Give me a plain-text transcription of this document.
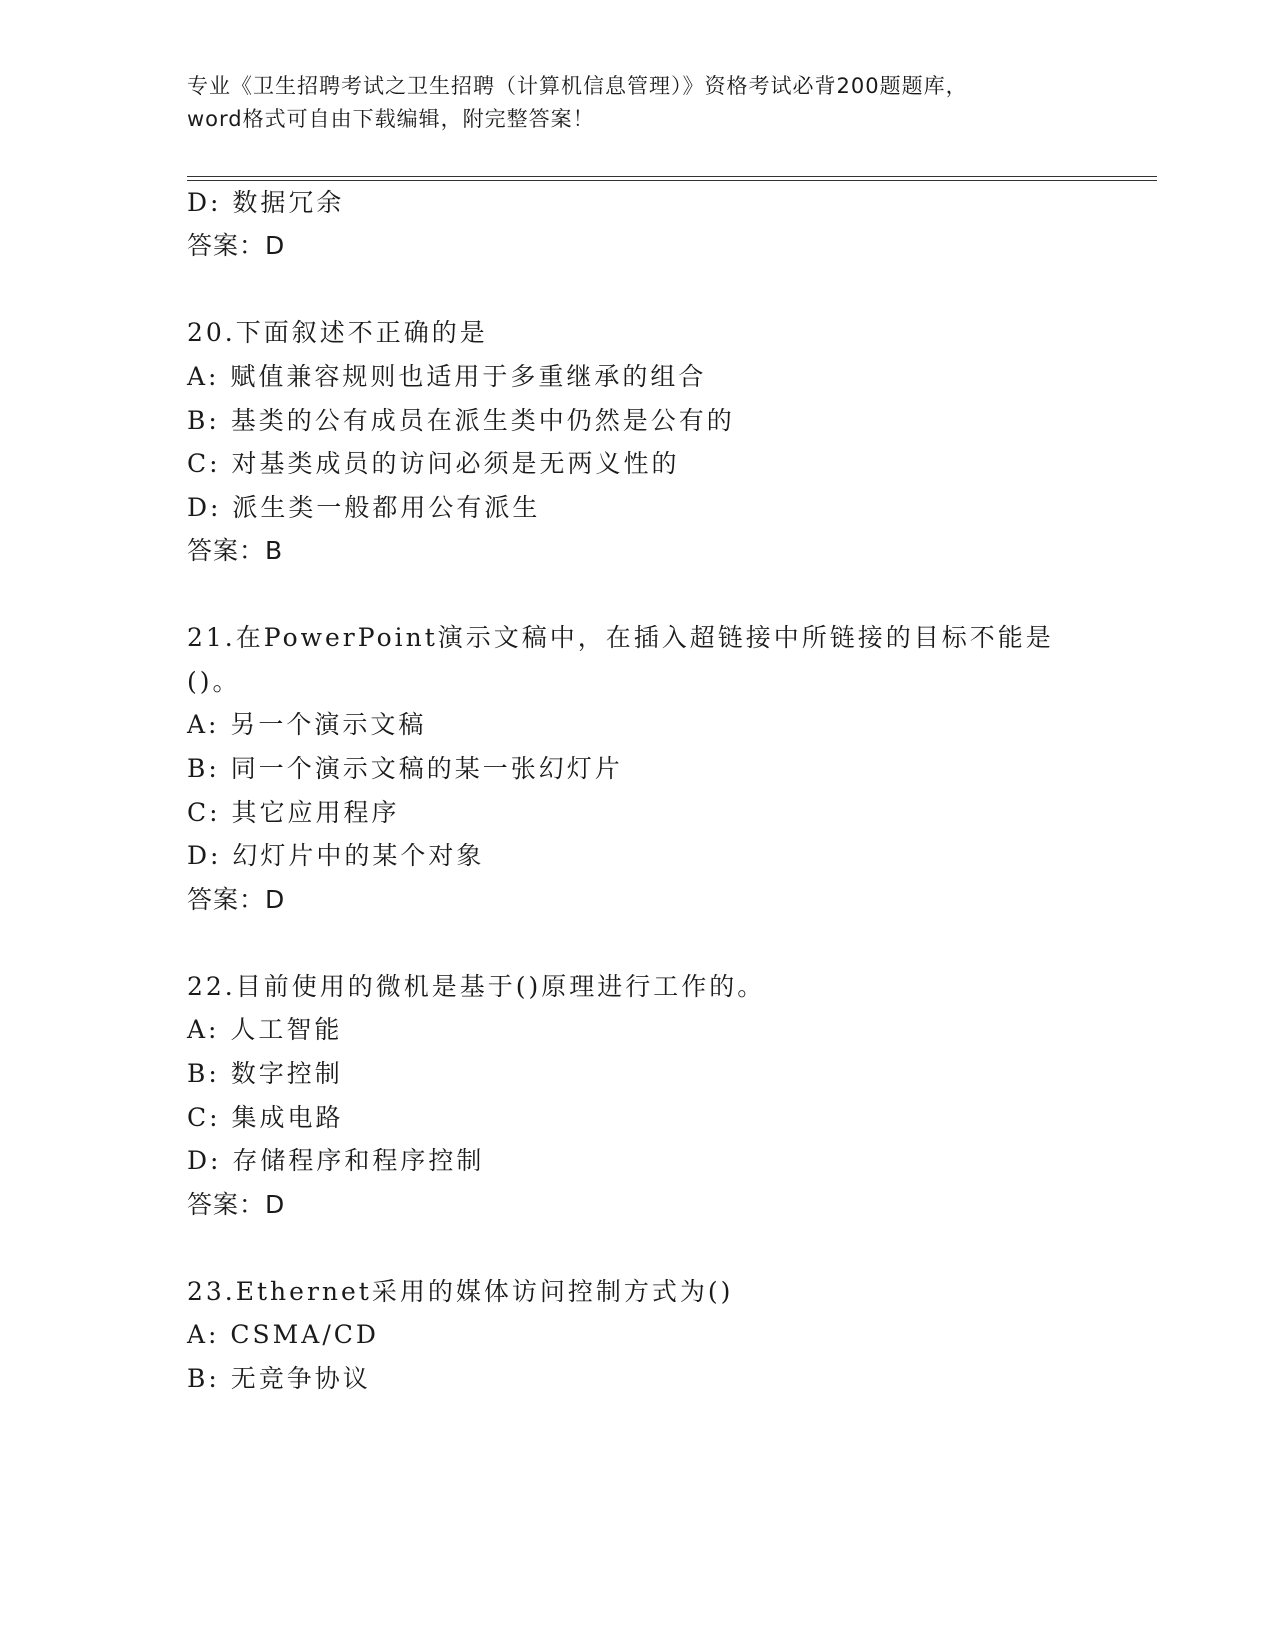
专业《卫生招聘考试之卫生招聘（计算机信息管理）》资格考试必背200题题库，
word格式可自由下载编辑，附完整答案！
D: 数据冗余
答案：D
20.下面叙述不正确的是
A: 赋值兼容规则也适用于多重继承的组合
B: 基类的公有成员在派生类中仍然是公有的
C: 对基类成员的访问必须是无两义性的
D: 派生类一般都用公有派生
答案：B
21.在PowerPoint演示文稿中，在插入超链接中所链接的目标不能是
()。
A: 另一个演示文稿
B: 同一个演示文稿的某一张幻灯片
C: 其它应用程序
D: 幻灯片中的某个对象
答案：D
22.目前使用的微机是基于()原理进行工作的。
A: 人工智能
B: 数字控制
C: 集成电路
D: 存储程序和程序控制
答案：D
23.Ethernet采用的媒体访问控制方式为()
A: CSMA/CD
B: 无竞争协议
